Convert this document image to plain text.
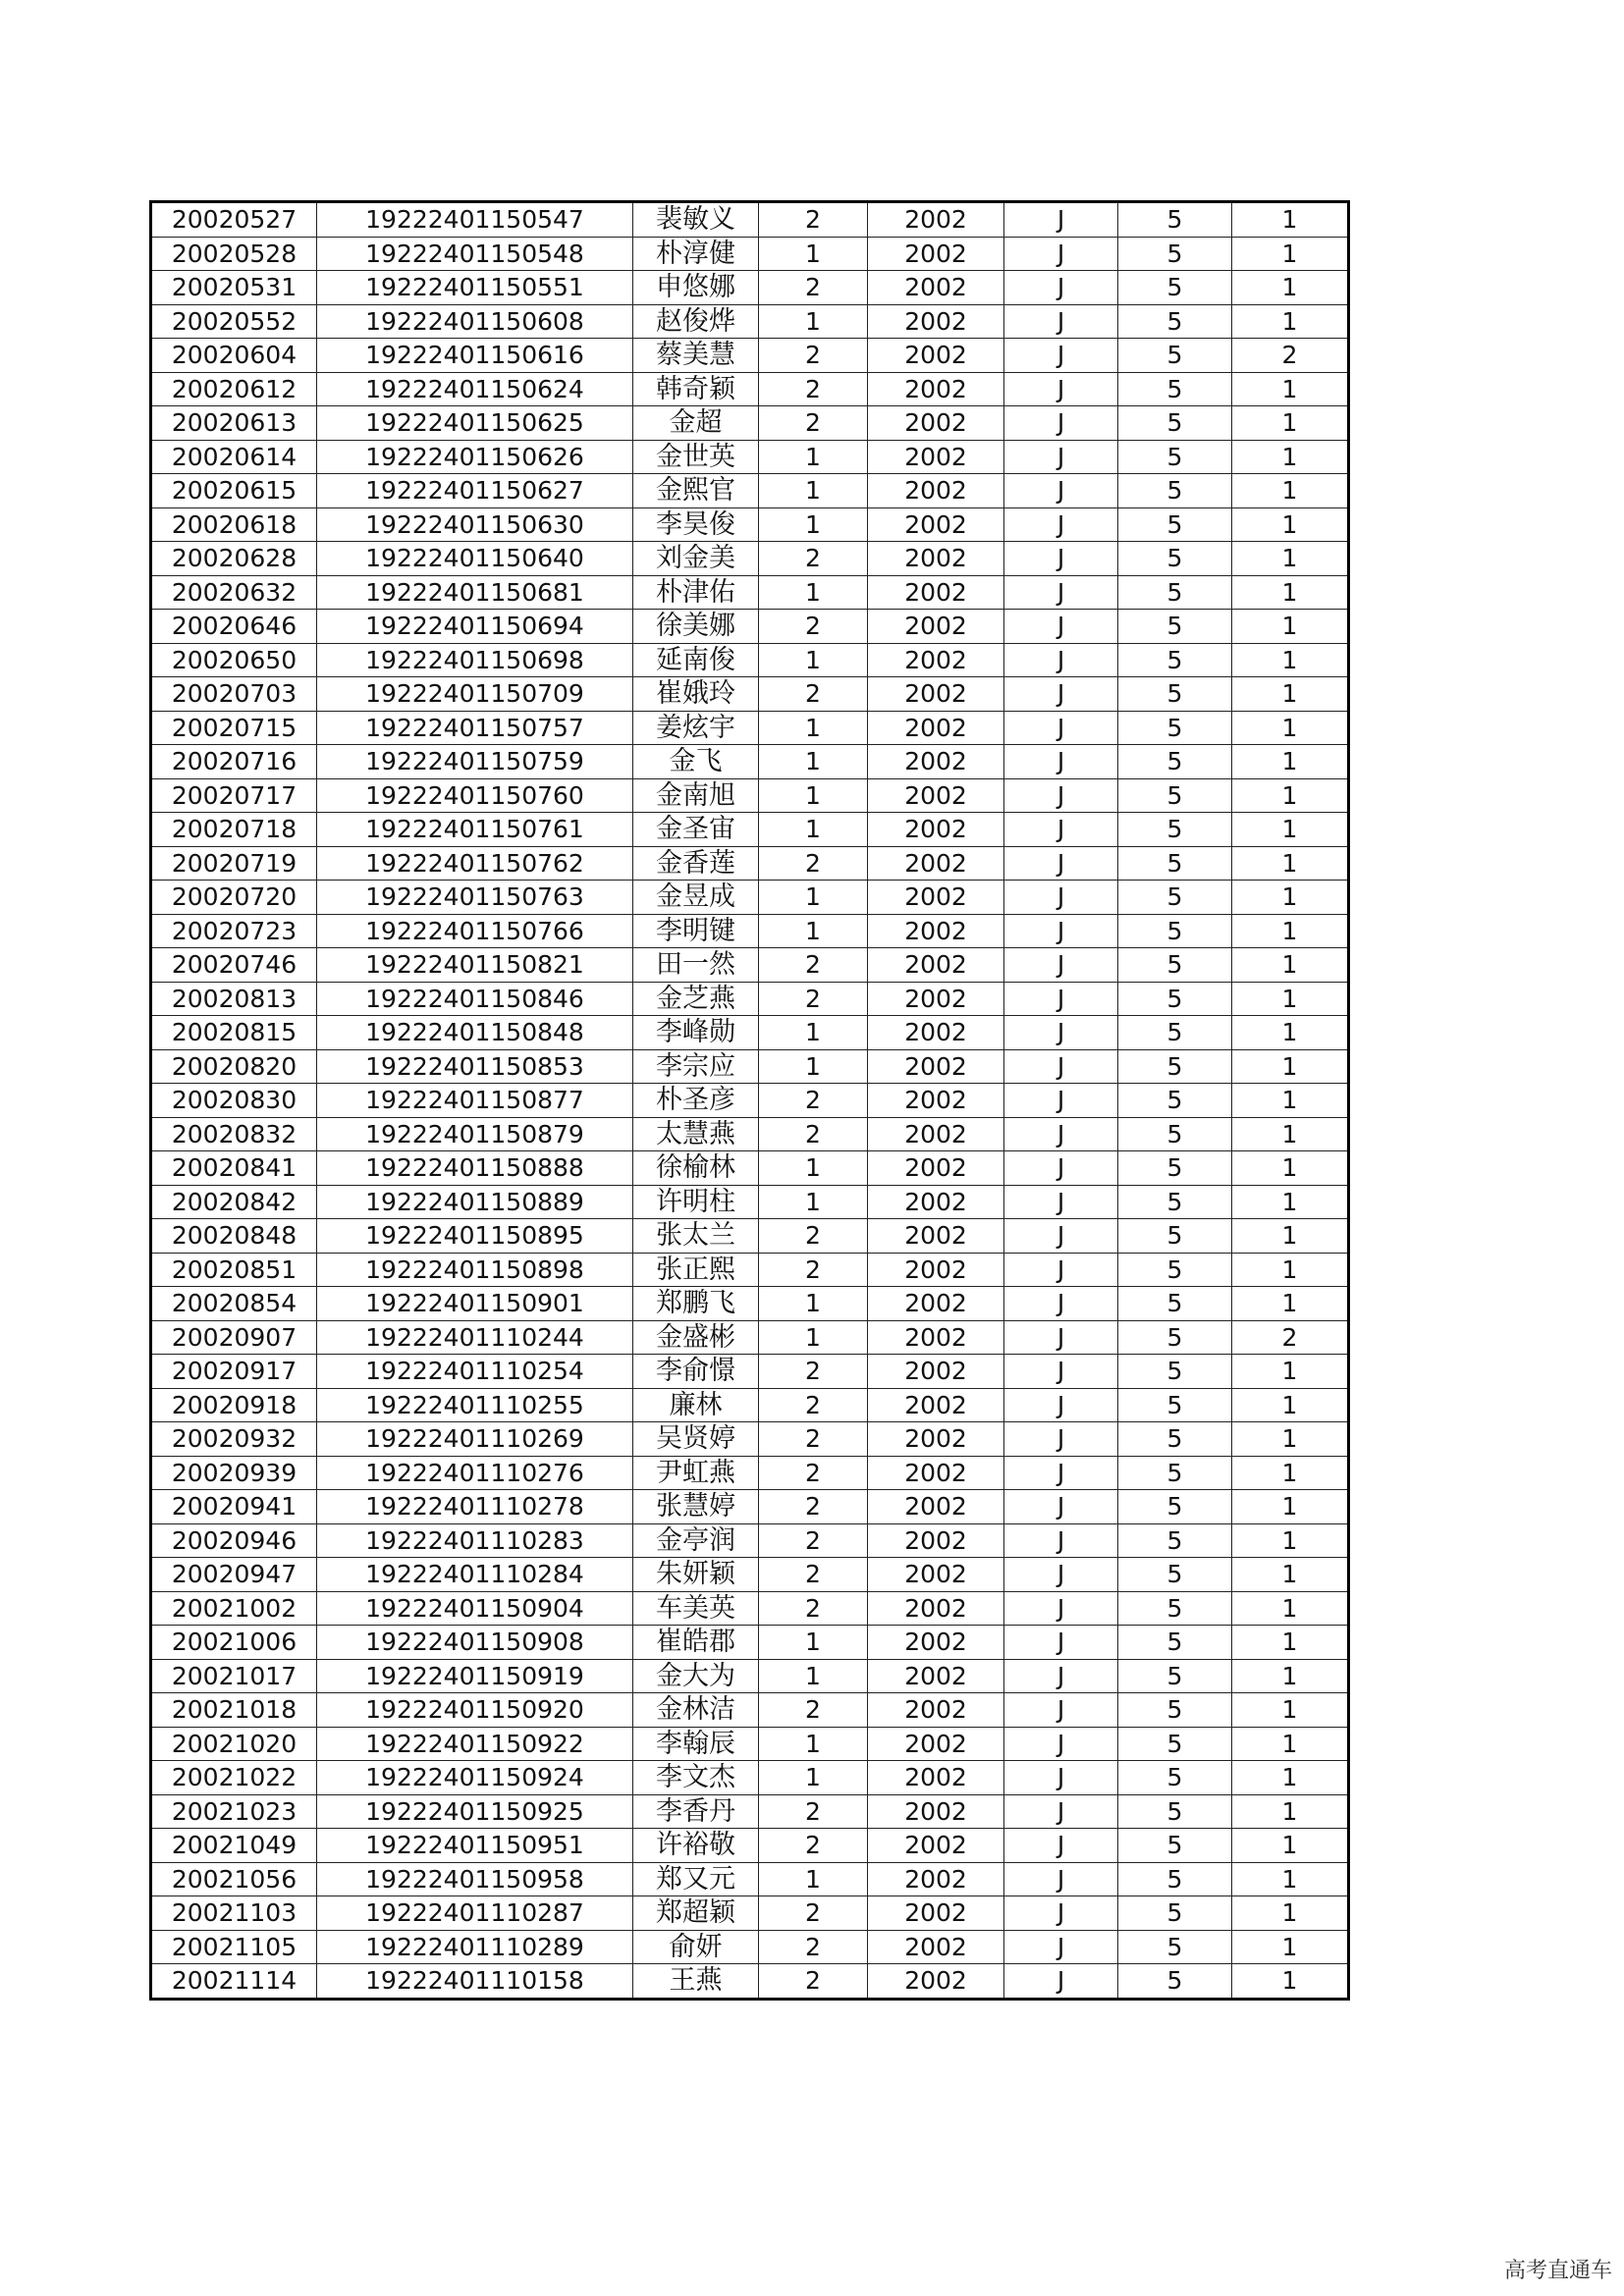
20020527	19222401150547	裴敏义	2	2002	J	5	1
20020528	19222401150548	朴淳健	1	2002	J	5	1
20020531	19222401150551	申悠娜	2	2002	J	5	1
20020552	19222401150608	赵俊烨	1	2002	J	5	1
20020604	19222401150616	蔡美慧	2	2002	J	5	2
20020612	19222401150624	韩奇颖	2	2002	J	5	1
20020613	19222401150625	金超	2	2002	J	5	1
20020614	19222401150626	金世英	1	2002	J	5	1
20020615	19222401150627	金熙官	1	2002	J	5	1
20020618	19222401150630	李昊俊	1	2002	J	5	1
20020628	19222401150640	刘金美	2	2002	J	5	1
20020632	19222401150681	朴津佑	1	2002	J	5	1
20020646	19222401150694	徐美娜	2	2002	J	5	1
20020650	19222401150698	延南俊	1	2002	J	5	1
20020703	19222401150709	崔娥玲	2	2002	J	5	1
20020715	19222401150757	姜炫宇	1	2002	J	5	1
20020716	19222401150759	金飞	1	2002	J	5	1
20020717	19222401150760	金南旭	1	2002	J	5	1
20020718	19222401150761	金圣宙	1	2002	J	5	1
20020719	19222401150762	金香莲	2	2002	J	5	1
20020720	19222401150763	金昱成	1	2002	J	5	1
20020723	19222401150766	李明键	1	2002	J	5	1
20020746	19222401150821	田一然	2	2002	J	5	1
20020813	19222401150846	金芝燕	2	2002	J	5	1
20020815	19222401150848	李峰勋	1	2002	J	5	1
20020820	19222401150853	李宗应	1	2002	J	5	1
20020830	19222401150877	朴圣彦	2	2002	J	5	1
20020832	19222401150879	太慧燕	2	2002	J	5	1
20020841	19222401150888	徐榆林	1	2002	J	5	1
20020842	19222401150889	许明柱	1	2002	J	5	1
20020848	19222401150895	张太兰	2	2002	J	5	1
20020851	19222401150898	张正熙	2	2002	J	5	1
20020854	19222401150901	郑鹏飞	1	2002	J	5	1
20020907	19222401110244	金盛彬	1	2002	J	5	2
20020917	19222401110254	李俞憬	2	2002	J	5	1
20020918	19222401110255	廉林	2	2002	J	5	1
20020932	19222401110269	吴贤婷	2	2002	J	5	1
20020939	19222401110276	尹虹燕	2	2002	J	5	1
20020941	19222401110278	张慧婷	2	2002	J	5	1
20020946	19222401110283	金亭润	2	2002	J	5	1
20020947	19222401110284	朱妍颖	2	2002	J	5	1
20021002	19222401150904	车美英	2	2002	J	5	1
20021006	19222401150908	崔皓郡	1	2002	J	5	1
20021017	19222401150919	金大为	1	2002	J	5	1
20021018	19222401150920	金林洁	2	2002	J	5	1
20021020	19222401150922	李翰辰	1	2002	J	5	1
20021022	19222401150924	李文杰	1	2002	J	5	1
20021023	19222401150925	李香丹	2	2002	J	5	1
20021049	19222401150951	许裕敬	2	2002	J	5	1
20021056	19222401150958	郑又元	1	2002	J	5	1
20021103	19222401110287	郑超颖	2	2002	J	5	1
20021105	19222401110289	俞妍	2	2002	J	5	1
20021114	19222401110158	王燕	2	2002	J	5	1
高考直通车
